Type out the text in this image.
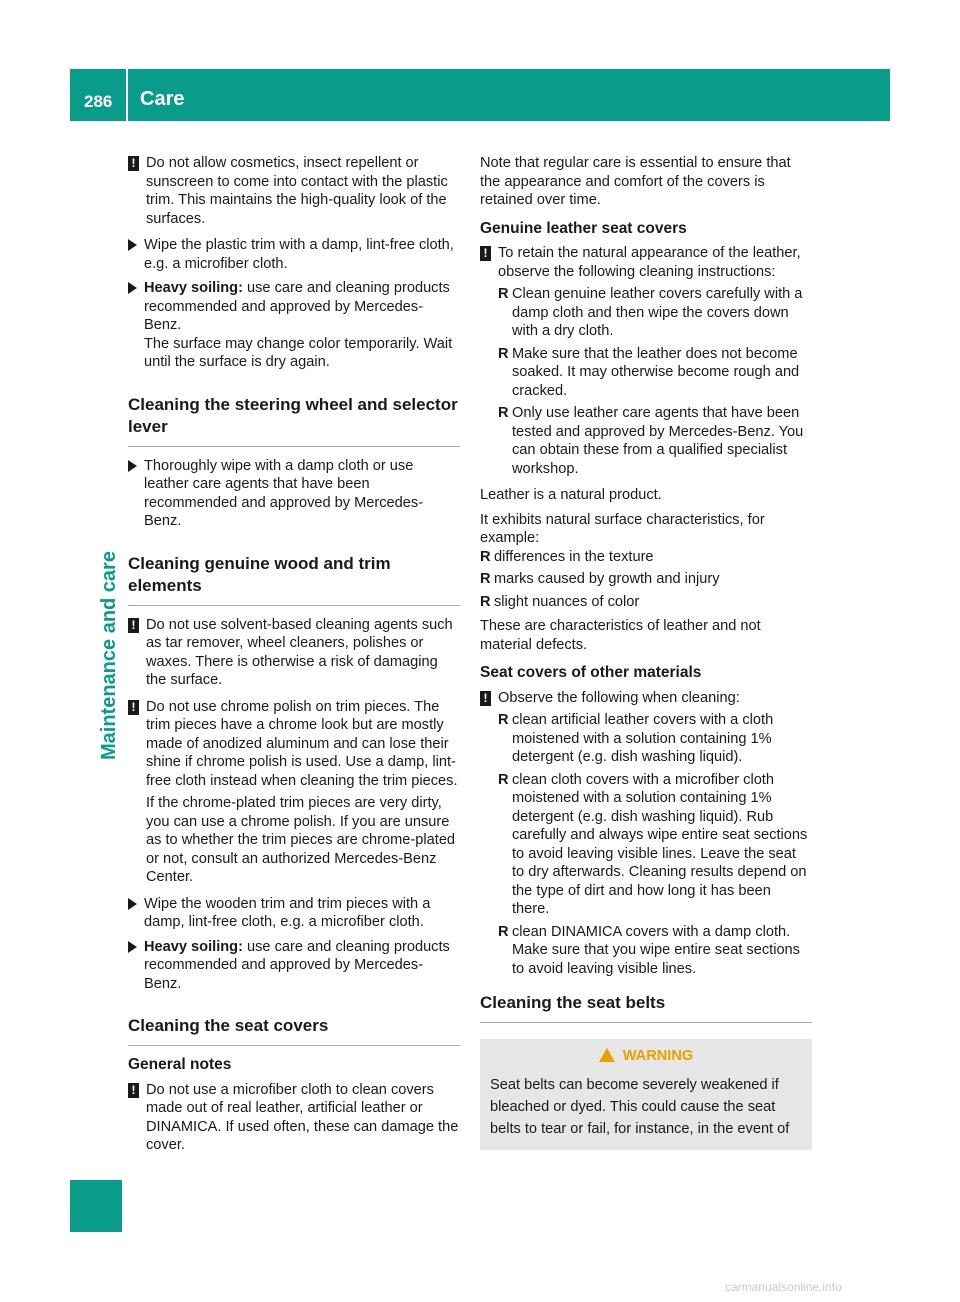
286 Care
Maintenance and care
! Do not allow cosmetics, insect repellent or sunscreen to come into contact with the plastic trim. This maintains the high-quality look of the surfaces.

Wipe the plastic trim with a damp, lint-free cloth, e.g. a microfiber cloth.
Heavy soiling: use care and cleaning products recommended and approved by Mercedes-Benz.

The surface may change color temporarily. Wait until the surface is dry again.

Cleaning the steering wheel and selector lever
Thoroughly wipe with a damp cloth or use leather care agents that have been recommended and approved by Mercedes-Benz.
Cleaning genuine wood and trim elements
! Do not use solvent-based cleaning agents such as tar remover, wheel cleaners, polishes or waxes. There is otherwise a risk of damaging the surface.

! Do not use chrome polish on trim pieces. The trim pieces have a chrome look but are mostly made of anodized aluminum and can lose their shine if chrome polish is used. Use a damp, lint-free cloth instead when cleaning the trim pieces.

If the chrome-plated trim pieces are very dirty, you can use a chrome polish. If you are unsure as to whether the trim pieces are chrome-plated or not, consult an authorized Mercedes-Benz Center.

Wipe the wooden trim and trim pieces with a damp, lint-free cloth, e.g. a microfiber cloth.
Heavy soiling: use care and cleaning products recommended and approved by Mercedes-Benz.
Cleaning the seat covers
General notes
! Do not use a microfiber cloth to clean covers made out of real leather, artificial leather or DINAMICA. If used often, these can damage the cover.

Note that regular care is essential to ensure that the appearance and comfort of the covers is retained over time.

Genuine leather seat covers
! To retain the natural appearance of the leather, observe the following cleaning instructions:

R Clean genuine leather covers carefully with a damp cloth and then wipe the covers down with a dry cloth.
R Make sure that the leather does not become soaked. It may otherwise become rough and cracked.
R Only use leather care agents that have been tested and approved by Mercedes-Benz. You can obtain these from a qualified specialist workshop.

Leather is a natural product.

It exhibits natural surface characteristics, for example:

R differences in the texture
R marks caused by growth and injury
R slight nuances of color

These are characteristics of leather and not material defects.

Seat covers of other materials
! Observe the following when cleaning:

R clean artificial leather covers with a cloth moistened with a solution containing 1% detergent (e.g. dish washing liquid).
R clean cloth covers with a microfiber cloth moistened with a solution containing 1% detergent (e.g. dish washing liquid). Rub carefully and always wipe entire seat sections to avoid leaving visible lines. Leave the seat to dry afterwards. Cleaning results depend on the type of dirt and how long it has been there.
R clean DINAMICA covers with a damp cloth. Make sure that you wipe entire seat sections to avoid leaving visible lines.
Cleaning the seat belts
WARNING
Seat belts can become severely weakened if bleached or dyed. This could cause the seat belts to tear or fail, for instance, in the event of
carmanualsonline.info
